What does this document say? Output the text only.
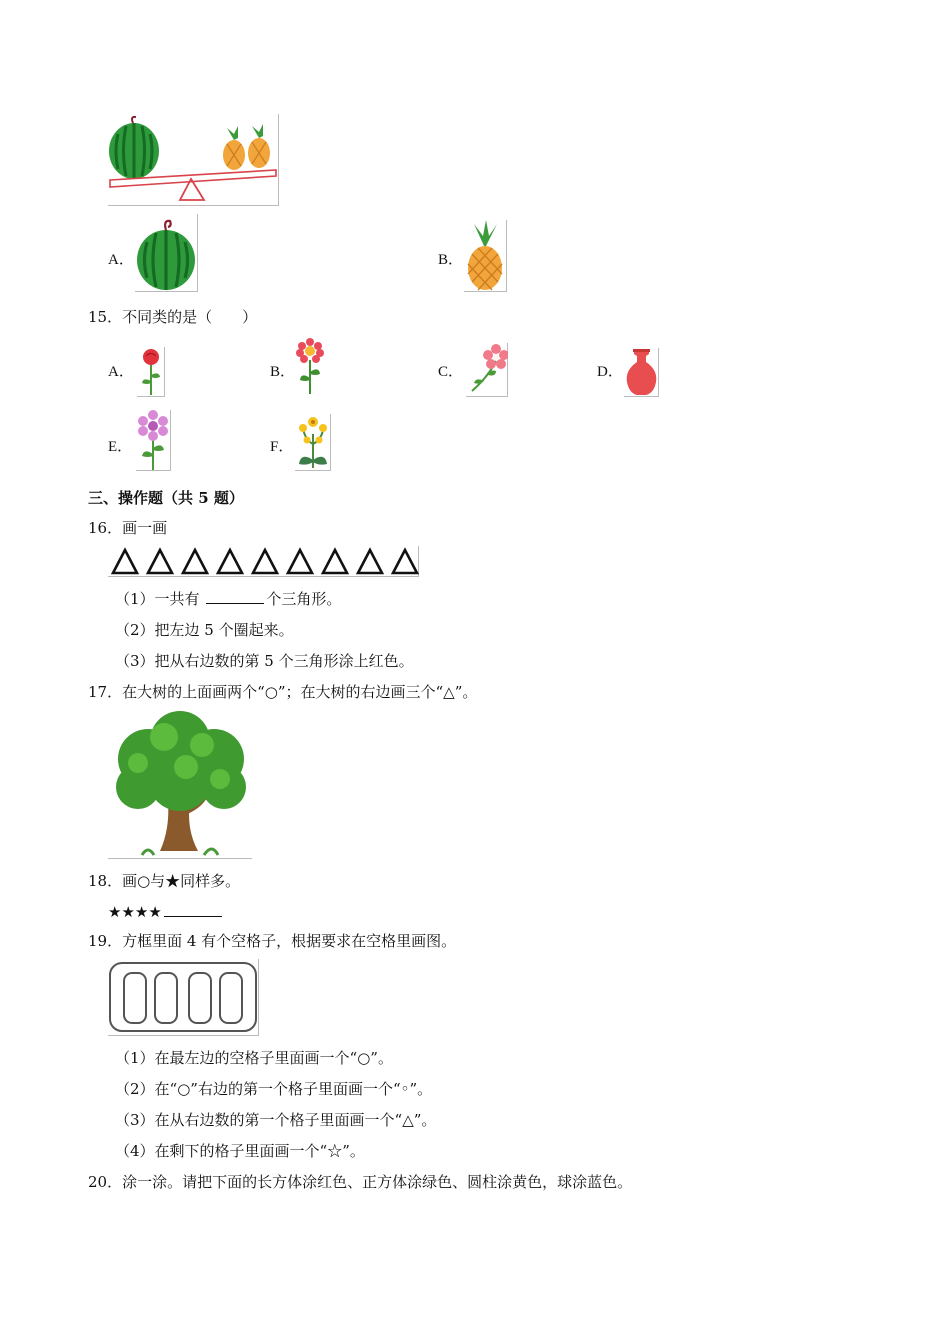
A．	B．
15．不同类的是（　　）
A．	B．	C．	D．
E．	F．
三、操作题（共 5 题）
16．画一画
（1）一共有	个三角形。
（2）把左边 5 个圈起来。
（3）把从右边数的第 5 个三角形涂上红色。
17．在大树的上面画两个“○”；在大树的右边画三个“△”。
18．画○与★同样多。
★★★★
19．方框里面 4 有个空格子，根据要求在空格里画图。
（1）在最左边的空格子里面画一个“○”。
（2）在“○”右边的第一个格子里面画一个“◦”。
（3）在从右边数的第一个格子里面画一个“△”。
（4）在剩下的格子里面画一个“☆”。
20．涂一涂。请把下面的长方体涂红色、正方体涂绿色、圆柱涂黄色，球涂蓝色。
